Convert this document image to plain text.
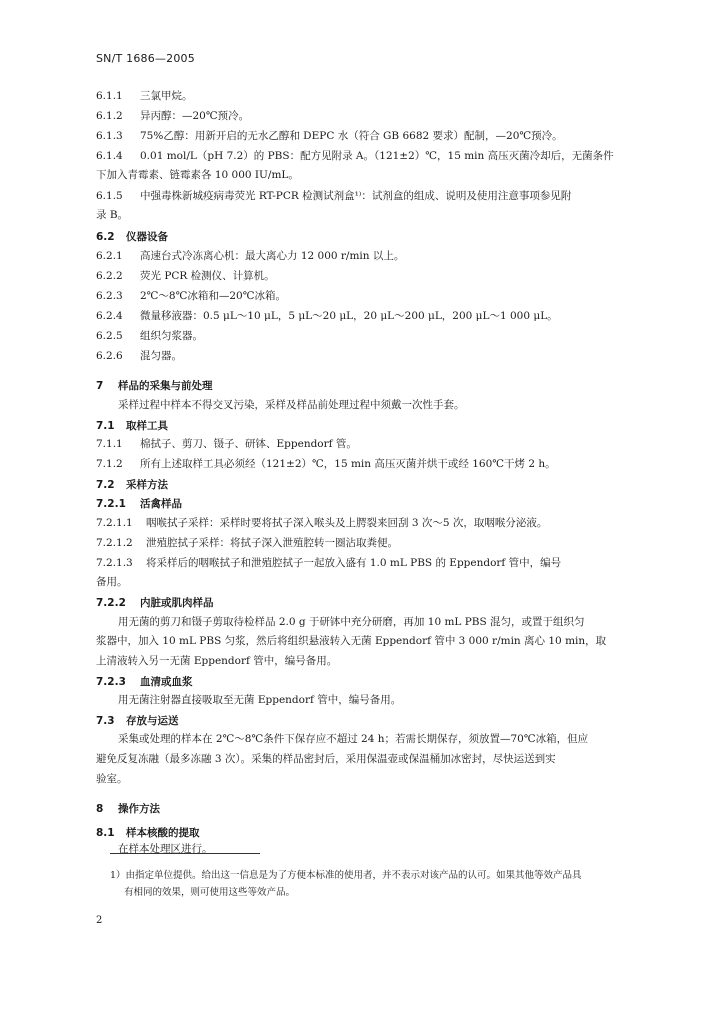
SN/T 1686—2005
6.1.1 三氯甲烷。
6.1.2 异丙醇：—20℃预冷。
6.1.3 75%乙醇：用新开启的无水乙醇和 DEPC 水（符合 GB 6682 要求）配制，—20℃预冷。
6.1.4 0.01 mol/L（pH 7.2）的 PBS：配方见附录 A。（121±2）℃，15 min 高压灭菌冷却后，无菌条件
下加入青霉素、链霉素各 10 000 IU/mL。
6.1.5 中强毒株新城疫病毒荧光 RT-PCR 检测试剂盒¹⁾：试剂盒的组成、说明及使用注意事项参见附
录 B。
6.2 仪器设备
6.2.1 高速台式冷冻离心机：最大离心力 12 000 r/min 以上。
6.2.2 荧光 PCR 检测仪、计算机。
6.2.3 2℃～8℃冰箱和—20℃冰箱。
6.2.4 微量移液器：0.5 μL～10 μL，5 μL～20 μL，20 μL～200 μL，200 μL～1 000 μL。
6.2.5 组织匀浆器。
6.2.6 混匀器。
7 样品的采集与前处理
采样过程中样本不得交叉污染，采样及样品前处理过程中须戴一次性手套。
7.1 取样工具
7.1.1 棉拭子、剪刀、镊子、研钵、Eppendorf 管。
7.1.2 所有上述取样工具必须经（121±2）℃，15 min 高压灭菌并烘干或经 160℃干烤 2 h。
7.2 采样方法
7.2.1 活禽样品
7.2.1.1 咽喉拭子采样：采样时要将拭子深入喉头及上腭裂来回刮 3 次～5 次，取咽喉分泌液。
7.2.1.2 泄殖腔拭子采样：将拭子深入泄殖腔转一圈沾取粪便。
7.2.1.3 将采样后的咽喉拭子和泄殖腔拭子一起放入盛有 1.0 mL PBS 的 Eppendorf 管中，编号
备用。
7.2.2 内脏或肌肉样品
用无菌的剪刀和镊子剪取待检样品 2.0 g 于研钵中充分研磨，再加 10 mL PBS 混匀，或置于组织匀
浆器中，加入 10 mL PBS 匀浆，然后将组织悬液转入无菌 Eppendorf 管中 3 000 r/min 离心 10 min，取
上清液转入另一无菌 Eppendorf 管中，编号备用。
7.2.3 血清或血浆
用无菌注射器直接吸取至无菌 Eppendorf 管中，编号备用。
7.3 存放与运送
采集或处理的样本在 2℃～8℃条件下保存应不超过 24 h；若需长期保存，须放置—70℃冰箱，但应
避免反复冻融（最多冻融 3 次）。采集的样品密封后，采用保温壶或保温桶加冰密封，尽快运送到实
验室。
8 操作方法
8.1 样本核酸的提取
在样本处理区进行。
1）由指定单位提供。给出这一信息是为了方便本标准的使用者，并不表示对该产品的认可。如果其他等效产品具
有相同的效果，则可使用这些等效产品。
2
